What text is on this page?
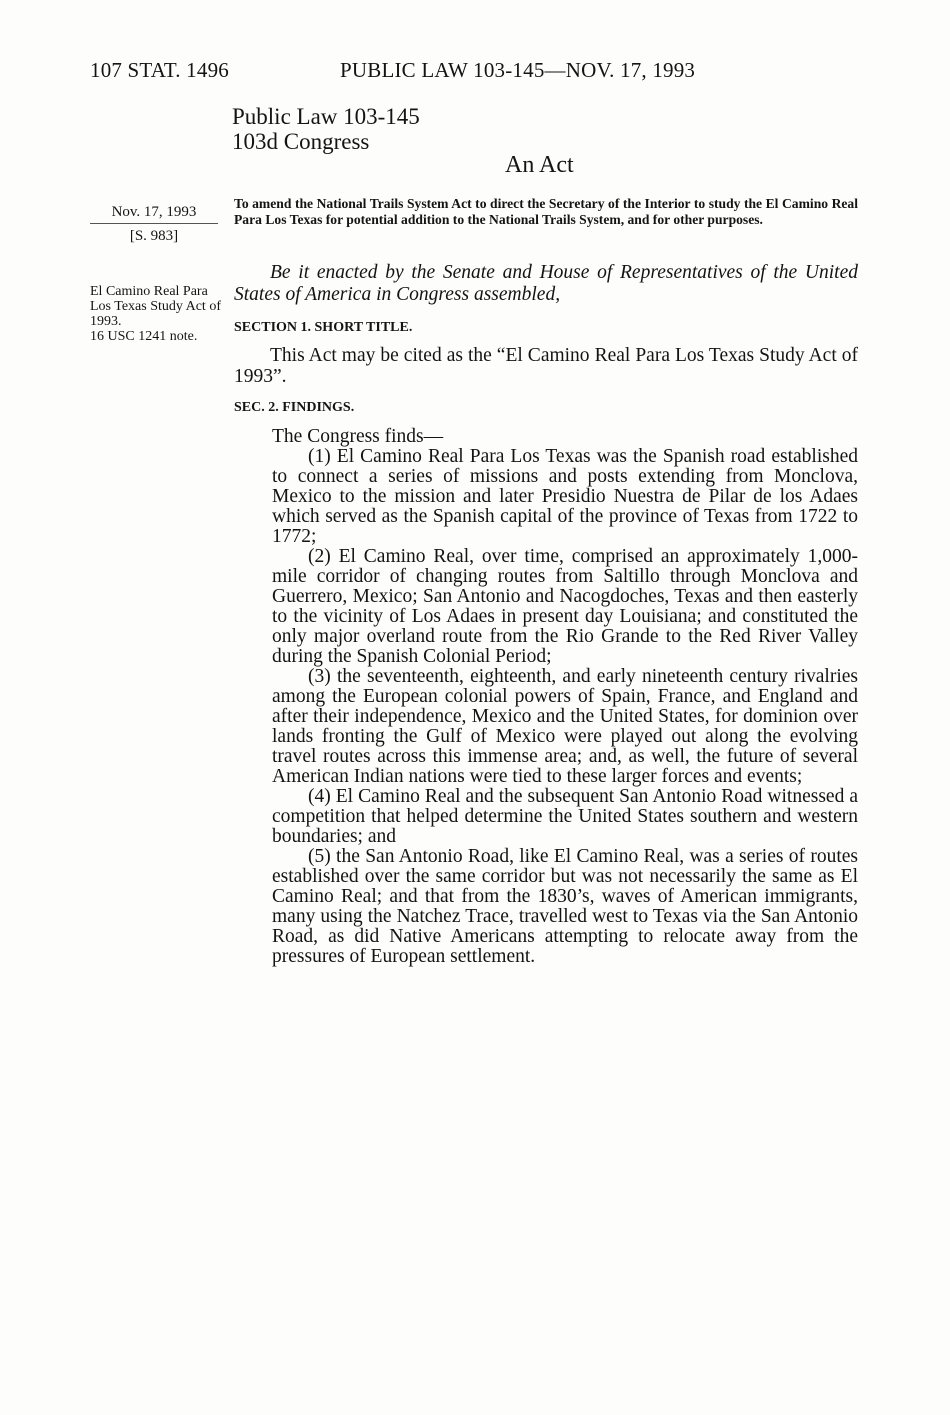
107 STAT. 1496	PUBLIC LAW 103-145—NOV. 17, 1993
Public Law 103-145
103d Congress
An Act
Nov. 17, 1993
[S. 983]
To amend the National Trails System Act to direct the Secretary of the Interior to study the El Camino Real Para Los Texas for potential addition to the National Trails System, and for other purposes.
El Camino Real Para Los Texas Study Act of 1993.
16 USC 1241 note.
Be it enacted by the Senate and House of Representatives of the United States of America in Congress assembled,
SECTION 1. SHORT TITLE.
This Act may be cited as the “El Camino Real Para Los Texas Study Act of 1993”.
SEC. 2. FINDINGS.

The Congress finds—

(1) El Camino Real Para Los Texas was the Spanish road established to connect a series of missions and posts extending from Monclova, Mexico to the mission and later Presidio Nuestra de Pilar de los Adaes which served as the Spanish capital of the province of Texas from 1722 to 1772;

(2) El Camino Real, over time, comprised an approximately 1,000-mile corridor of changing routes from Saltillo through Monclova and Guerrero, Mexico; San Antonio and Nacogdoches, Texas and then easterly to the vicinity of Los Adaes in present day Louisiana; and constituted the only major overland route from the Rio Grande to the Red River Valley during the Spanish Colonial Period;

(3) the seventeenth, eighteenth, and early nineteenth century rivalries among the European colonial powers of Spain, France, and England and after their independence, Mexico and the United States, for dominion over lands fronting the Gulf of Mexico were played out along the evolving travel routes across this immense area; and, as well, the future of several American Indian nations were tied to these larger forces and events;

(4) El Camino Real and the subsequent San Antonio Road witnessed a competition that helped determine the United States southern and western boundaries; and

(5) the San Antonio Road, like El Camino Real, was a series of routes established over the same corridor but was not necessarily the same as El Camino Real; and that from the 1830’s, waves of American immigrants, many using the Natchez Trace, travelled west to Texas via the San Antonio Road, as did Native Americans attempting to relocate away from the pressures of European settlement.
